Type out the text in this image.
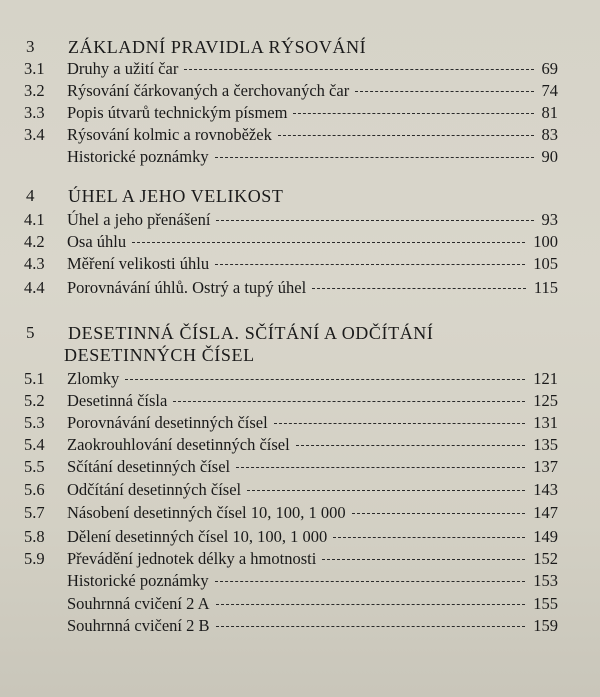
3 ZÁKLADNÍ PRAVIDLA RÝSOVÁNÍ
3.1 Druhy a užití čar	69
3.2 Rýsování čárkovaných a čerchovaných čar	74
3.3 Popis útvarů technickým písmem	81
3.4 Rýsování kolmic a rovnoběžek	83
Historické poznámky	90
4 ÚHEL A JEHO VELIKOST
4.1 Úhel a jeho přenášení	93
4.2 Osa úhlu	100
4.3 Měření velikosti úhlu	105
4.4 Porovnávání úhlů. Ostrý a tupý úhel	115
5 DESETINNÁ ČÍSLA. SČÍTÁNÍ A ODČÍTÁNÍ
DESETINNÝCH ČÍSEL
5.1 Zlomky	121
5.2 Desetinná čísla	125
5.3 Porovnávání desetinných čísel	131
5.4 Zaokrouhlování desetinných čísel	135
5.5 Sčítání desetinných čísel	137
5.6 Odčítání desetinných čísel	143
5.7 Násobení desetinných čísel 10, 100, 1 000	147
5.8 Dělení desetinných čísel 10, 100, 1 000	149
5.9 Převádění jednotek délky a hmotnosti	152
Historické poznámky	153
Souhrnná cvičení 2 A	155
Souhrnná cvičení 2 B	159
